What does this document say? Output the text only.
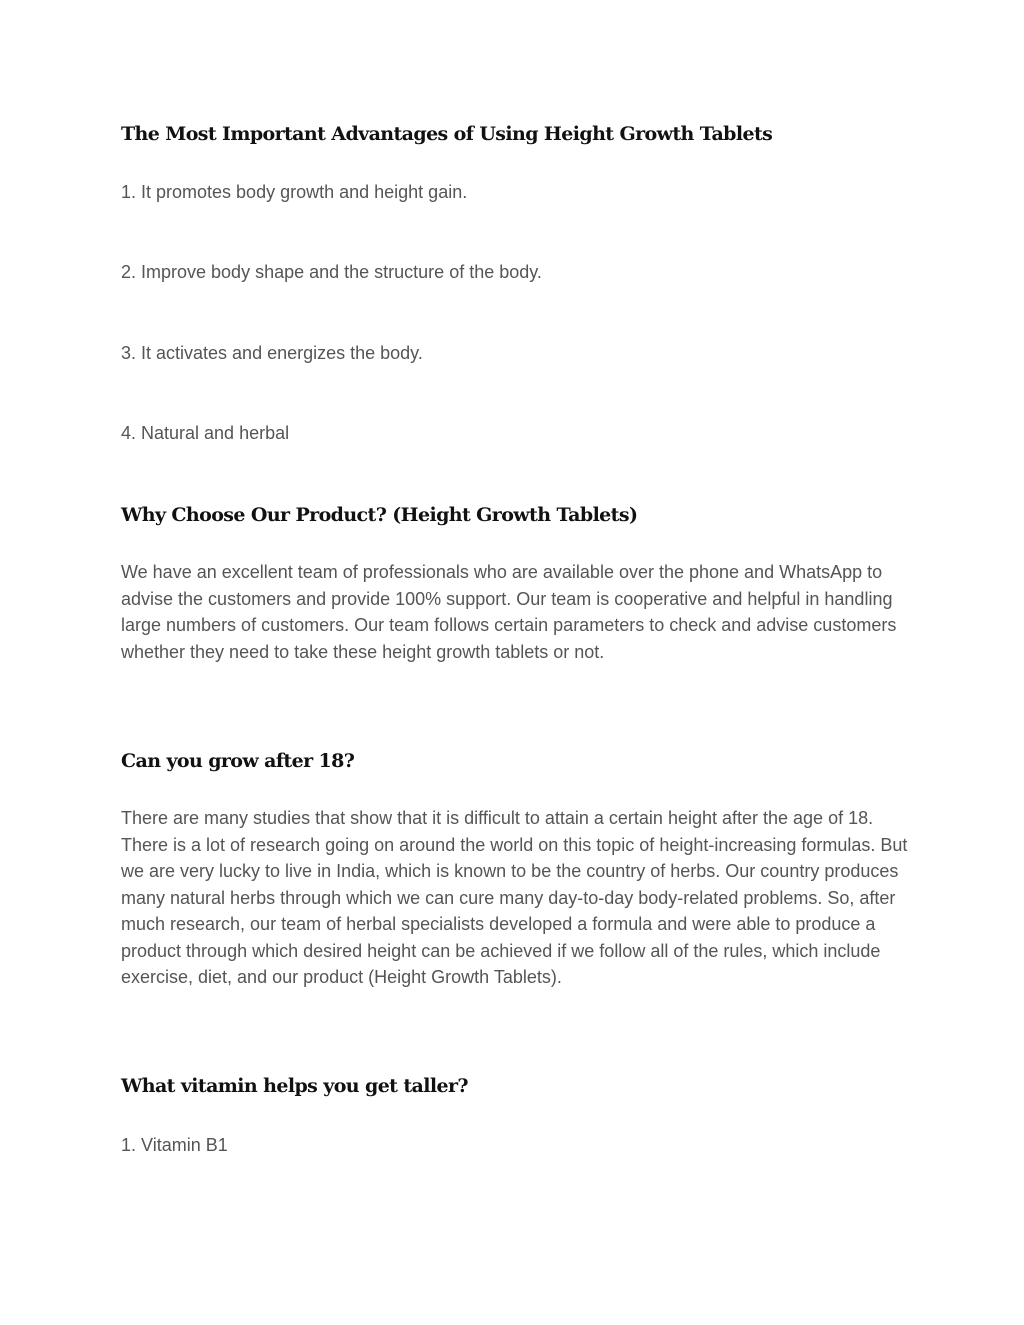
The Most Important Advantages of Using Height Growth Tablets

1. It promotes body growth and height gain.

2. Improve body shape and the structure of the body.

3. It activates and energizes the body.

4. Natural and herbal

Why Choose Our Product? (Height Growth Tablets)

We have an excellent team of professionals who are available over the phone and WhatsApp to advise the customers and provide 100% support. Our team is cooperative and helpful in handling large numbers of customers. Our team follows certain parameters to check and advise customers whether they need to take these height growth tablets or not.

Can you grow after 18?

There are many studies that show that it is difficult to attain a certain height after the age of 18. There is a lot of research going on around the world on this topic of height-increasing formulas. But we are very lucky to live in India, which is known to be the country of herbs. Our country produces many natural herbs through which we can cure many day-to-day body-related problems. So, after much research, our team of herbal specialists developed a formula and were able to produce a product through which desired height can be achieved if we follow all of the rules, which include exercise, diet, and our product (Height Growth Tablets).

What vitamin helps you get taller?

1. Vitamin B1
